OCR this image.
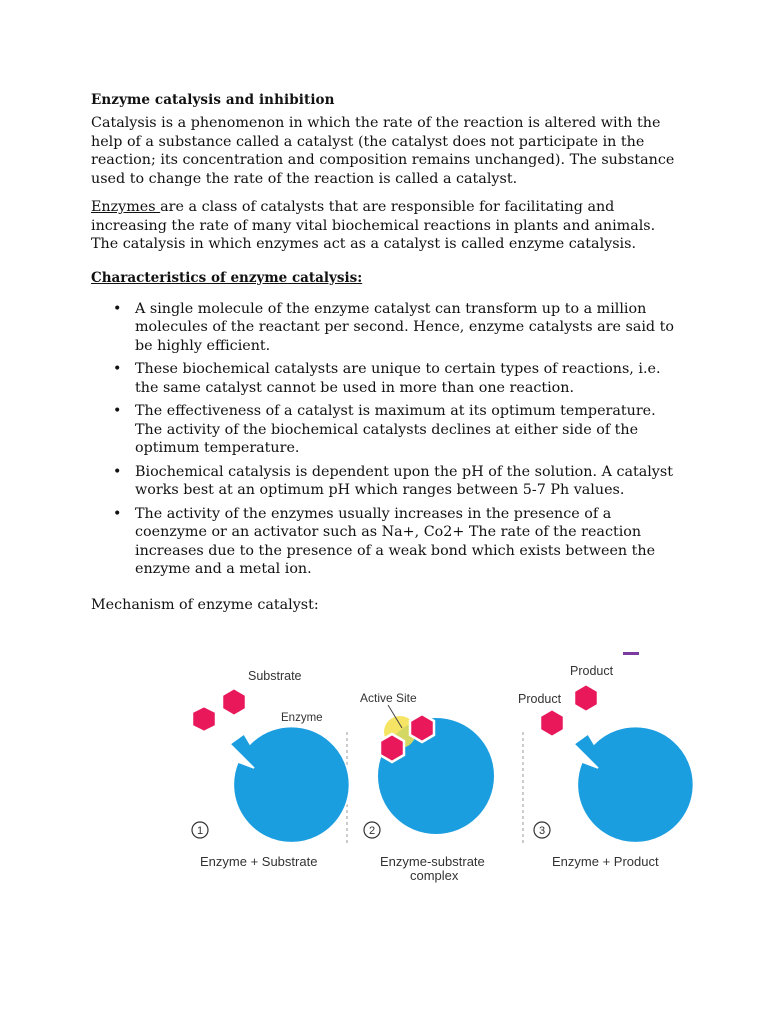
Enzyme catalysis and inhibition

Catalysis is a phenomenon in which the rate of the reaction is altered with the help of a substance called a catalyst (the catalyst does not participate in the reaction; its concentration and composition remains unchanged). The substance used to change the rate of the reaction is called a catalyst.

Enzymes are a class of catalysts that are responsible for facilitating and increasing the rate of many vital biochemical reactions in plants and animals. The catalysis in which enzymes act as a catalyst is called enzyme catalysis.

Characteristics of enzyme catalysis:
• A single molecule of the enzyme catalyst can transform up to a million molecules of the reactant per second. Hence, enzyme catalysts are said to be highly efficient.
• These biochemical catalysts are unique to certain types of reactions, i.e. the same catalyst cannot be used in more than one reaction.
• The effectiveness of a catalyst is maximum at its optimum temperature. The activity of the biochemical catalysts declines at either side of the optimum temperature.
• Biochemical catalysis is dependent upon the pH of the solution. A catalyst works best at an optimum pH which ranges between 5-7 Ph values.
• The activity of the enzymes usually increases in the presence of a coenzyme or an activator such as Na+, Co2+ The rate of the reaction increases due to the presence of a weak bond which exists between the enzyme and a metal ion.
Mechanism of enzyme catalyst:
Substrate
Enzyme
1
Enzyme + Substrate
Active Site
2
Enzyme-substrate
complex
Product
Product
3
Enzyme + Product
